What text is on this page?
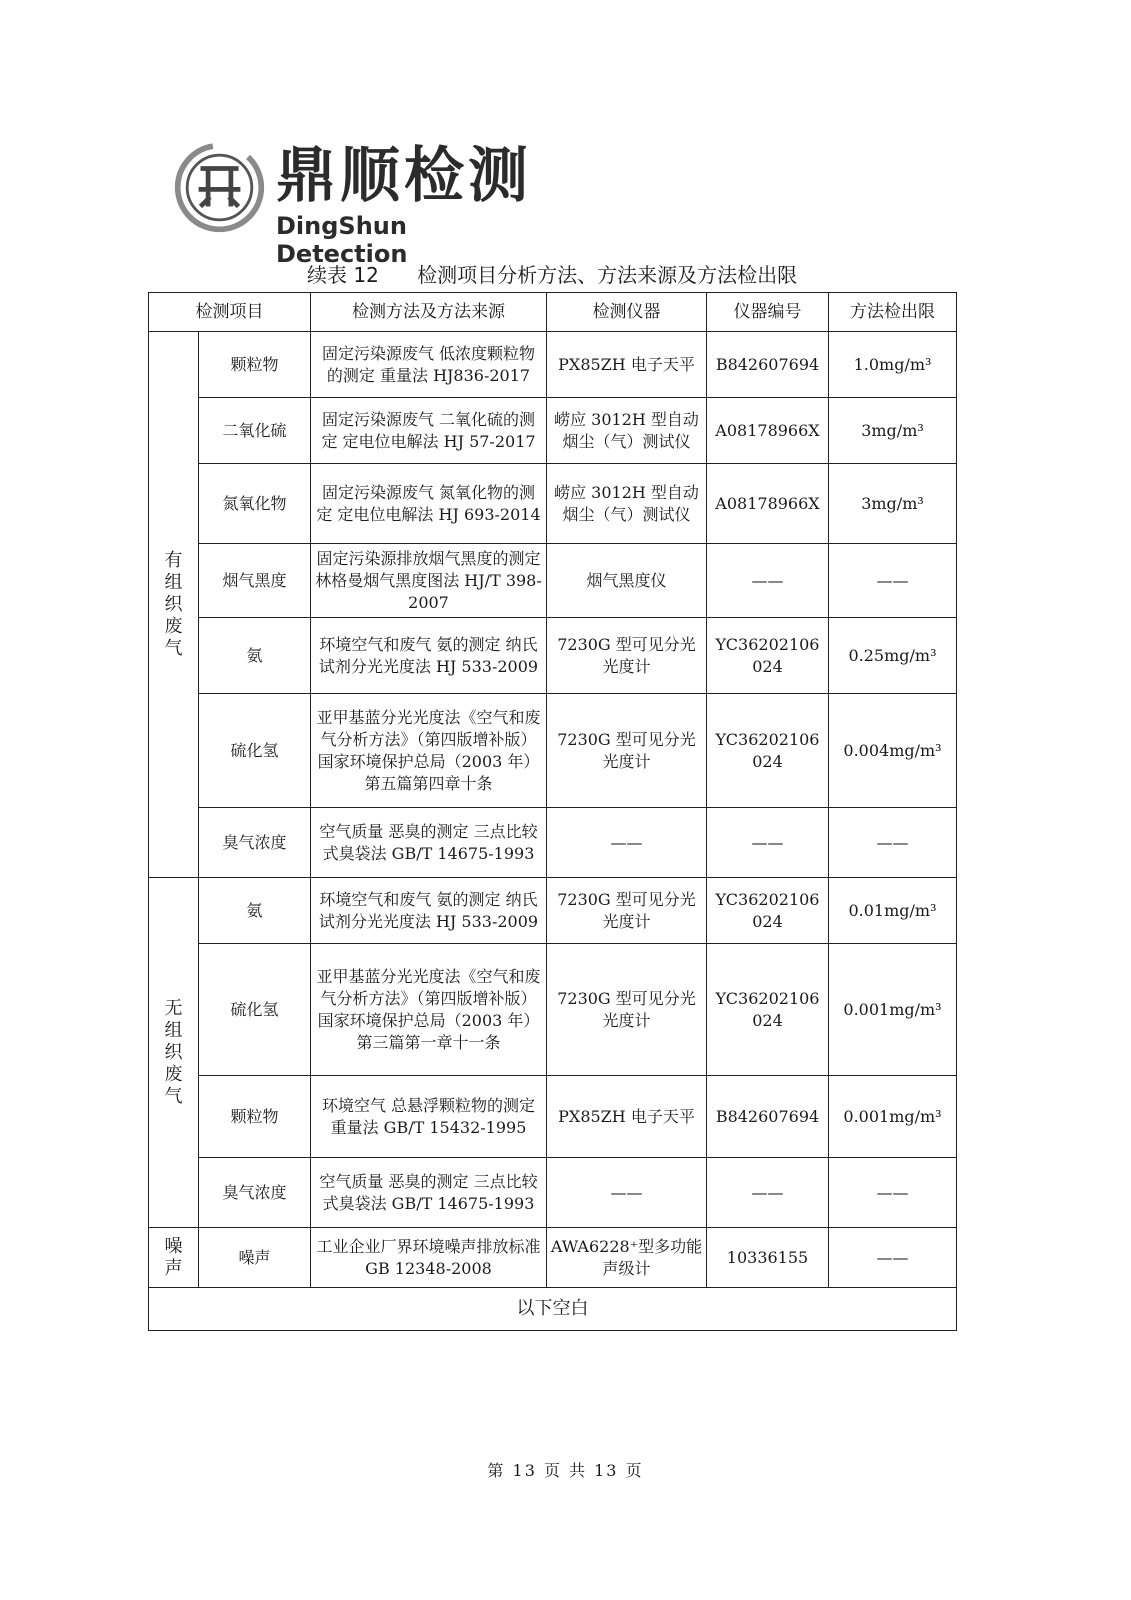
鼎顺检测
DingShun Detection
续表 12 检测项目分析方法、方法来源及方法检出限
检测项目		检测方法及方法来源	检测仪器	仪器编号	方法检出限

有组织废气	颗粒物	固定污染源废气 低浓度颗粒物的测定 重量法 HJ836-2017	PX85ZH 电子天平	B842607694	1.0mg/m³
	二氧化硫	固定污染源废气 二氧化硫的测定 定电位电解法 HJ 57-2017	崂应 3012H 型自动烟尘（气）测试仪	A08178966X	3mg/m³
	氮氧化物	固定污染源废气 氮氧化物的测定 定电位电解法 HJ 693-2014	崂应 3012H 型自动烟尘（气）测试仪	A08178966X	3mg/m³
	烟气黑度	固定污染源排放烟气黑度的测定 林格曼烟气黑度图法 HJ/T 398-2007	烟气黑度仪	——	——
	氨	环境空气和废气 氨的测定 纳氏试剂分光光度法 HJ 533-2009	7230G 型可见分光光度计	YC36202106 024	0.25mg/m³
	硫化氢	亚甲基蓝分光光度法《空气和废气分析方法》（第四版增补版）国家环境保护总局（2003 年）第五篇第四章十条	7230G 型可见分光光度计	YC36202106 024	0.004mg/m³
	臭气浓度	空气质量 恶臭的测定 三点比较式臭袋法 GB/T 14675-1993	——	——	——

无组织废气	氨	环境空气和废气 氨的测定 纳氏试剂分光光度法 HJ 533-2009	7230G 型可见分光光度计	YC36202106 024	0.01mg/m³
	硫化氢	亚甲基蓝分光光度法《空气和废气分析方法》（第四版增补版）国家环境保护总局（2003 年）第三篇第一章十一条	7230G 型可见分光光度计	YC36202106 024	0.001mg/m³
	颗粒物	环境空气 总悬浮颗粒物的测定 重量法 GB/T 15432-1995	PX85ZH 电子天平	B842607694	0.001mg/m³
	臭气浓度	空气质量 恶臭的测定 三点比较式臭袋法 GB/T 14675-1993	——	——	——

噪声	噪声	工业企业厂界环境噪声排放标准 GB 12348-2008	AWA6228⁺型多功能声级计	10336155	——
以下空白					
第 13 页 共 13 页
